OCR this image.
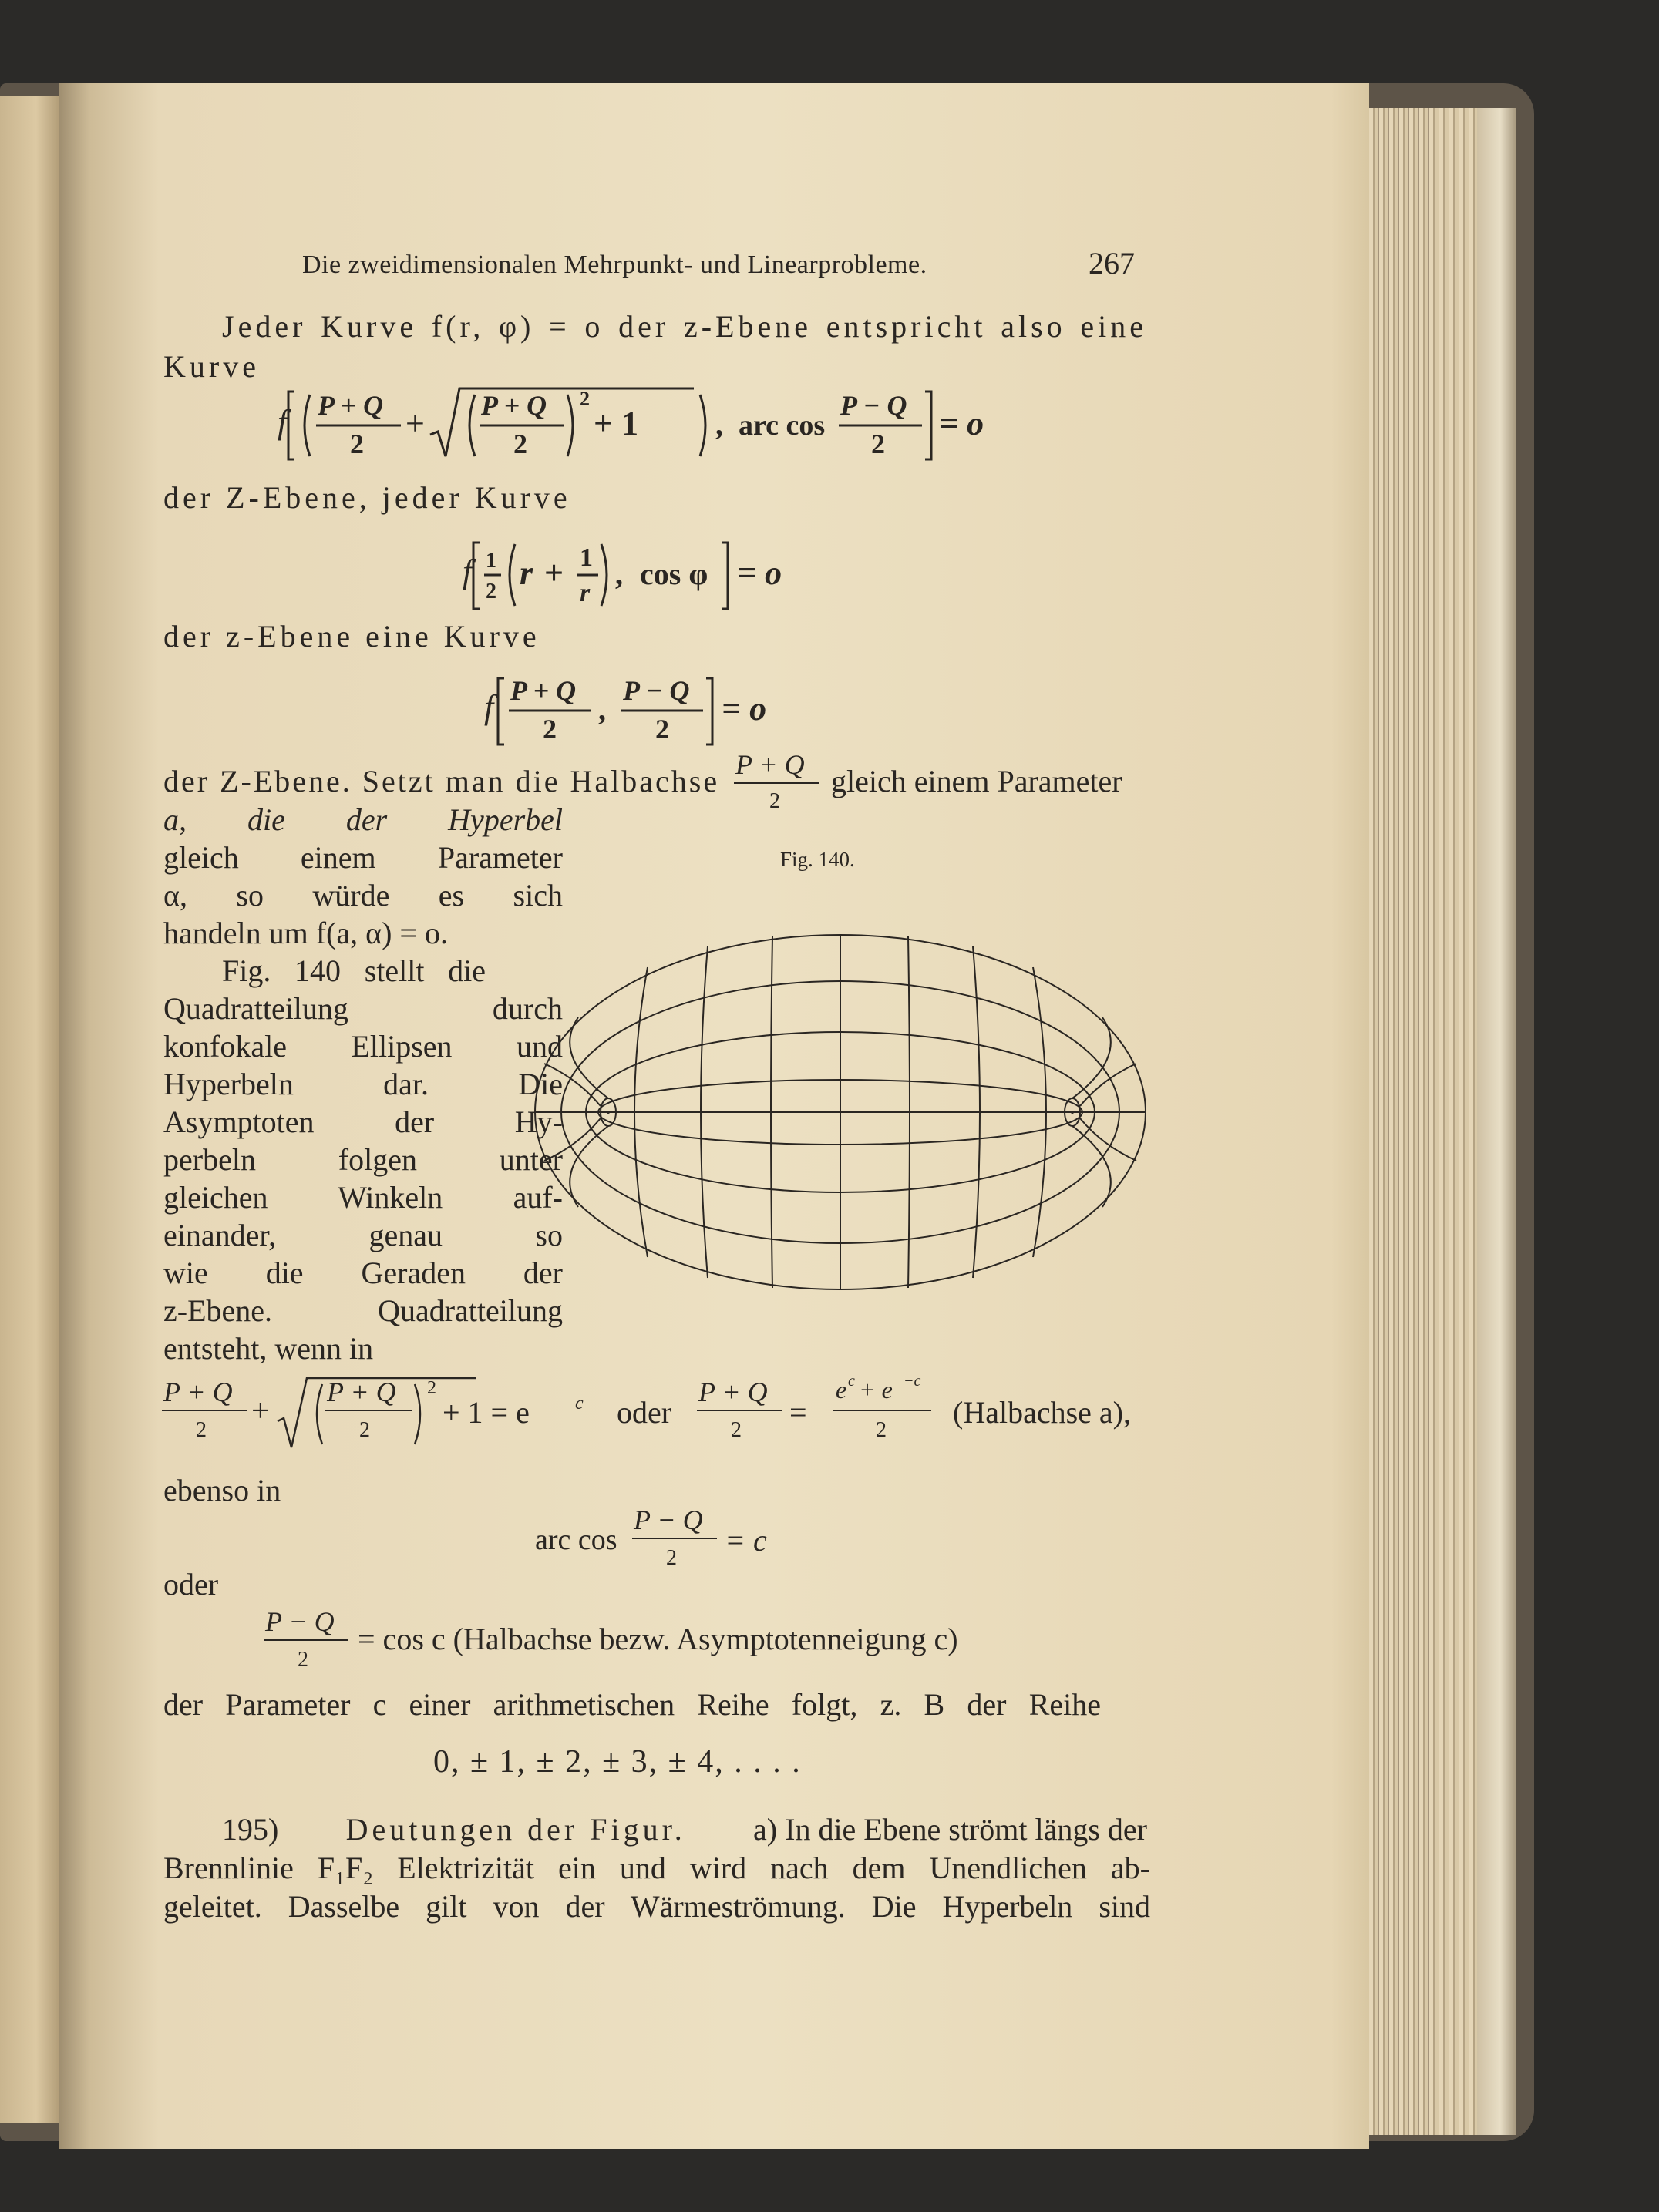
Die zweidimensionalen Mehrpunkt- und Linearprobleme.	267
Jeder Kurve f(r, φ) = o der z-Ebene entspricht also eine
Kurve
f P + Q
2
+ P + Q
2
2
+ 1 , arc cos
P − Q
2
= o
der Z-Ebene, jeder Kurve
f 1
2 r + 1
r
, cos φ = o
der z-Ebene eine Kurve
f P + Q
2
,
P − Q
2
= o
der Z-Ebene. Setzt man die Halbachse P + Q
2
gleich einem Parameter
a, die der Hyperbel
gleich einem Parameter
α, so würde es sich
handeln um f(a, α) = o.
Fig. 140 stellt die
Quadratteilung durch
konfokale Ellipsen und
Hyperbeln dar. Die
Asymptoten der Hy-
perbeln folgen unter
gleichen Winkeln auf-
einander, genau so
wie die Geraden der
z-Ebene. Quadratteilung
entsteht, wenn in
Fig. 140.
P + Q
2
+
P + Q
2
2
+ 1 = e c oder
P + Q
2
=
e c + e −c
2
(Halbachse a),
ebenso in
arc cos
P − Q
2
= c
oder
P − Q
2
= cos c (Halbachse bezw. Asymptotenneigung c)
der Parameter c einer arithmetischen Reihe folgt, z. B der Reihe
0, ± 1, ± 2, ± 3, ± 4, . . . .
195) Deutungen der Figur. a) In die Ebene strömt längs der
Brennlinie F₁F₂ Elektrizität ein und wird nach dem Unendlichen ab-
geleitet. Dasselbe gilt von der Wärmeströmung. Die Hyperbeln sind
